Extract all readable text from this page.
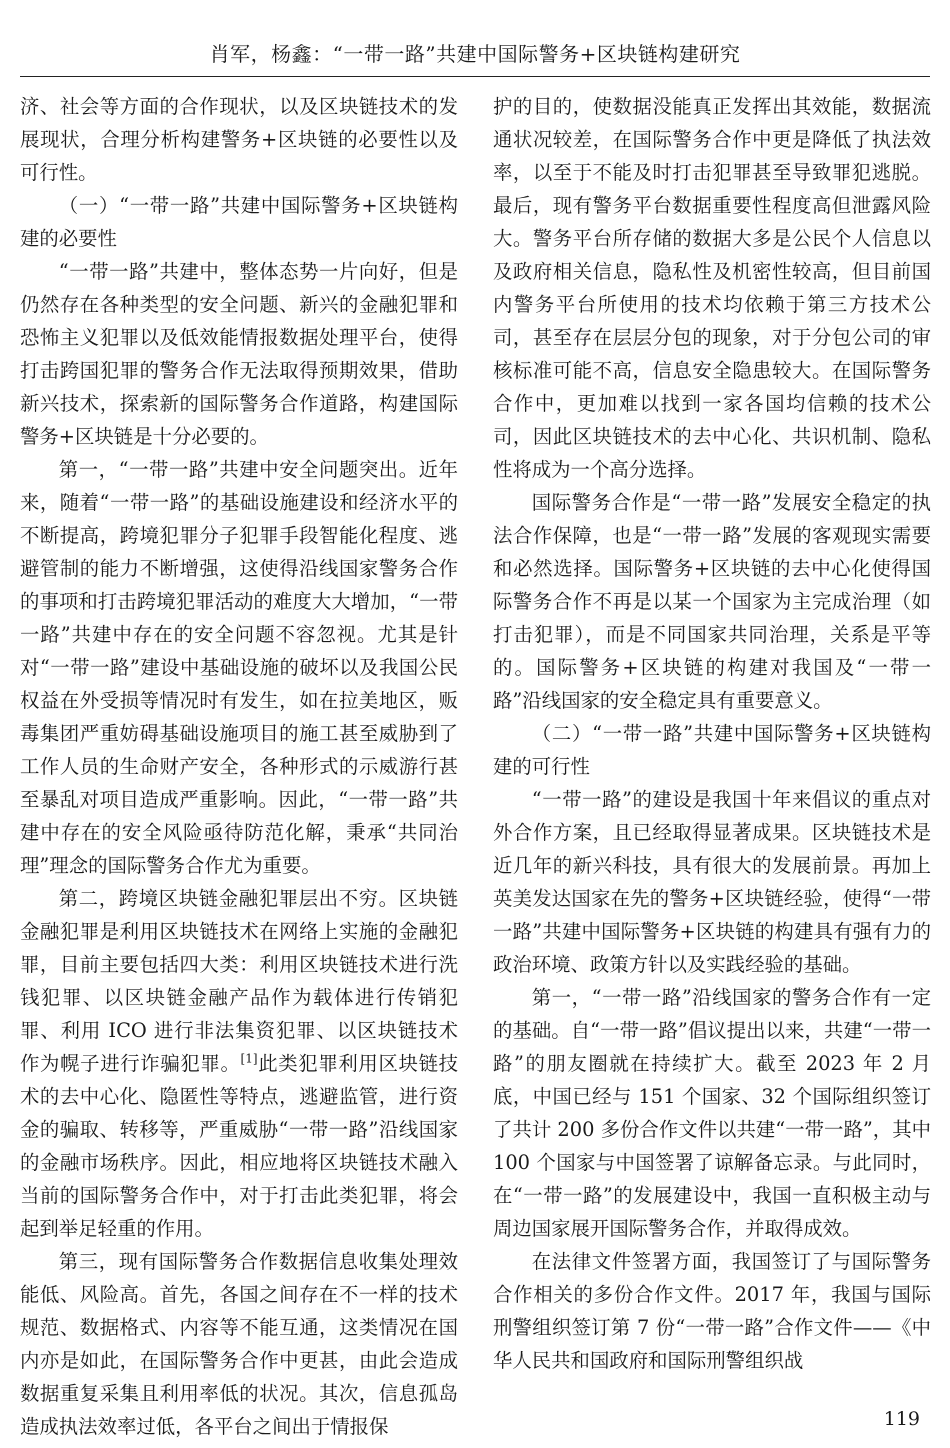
肖军，杨鑫：“一带一路”共建中国际警务+区块链构建研究

济、社会等方面的合作现状，以及区块链技术的发展现状，合理分析构建警务+区块链的必要性以及可行性。

（一）“一带一路”共建中国际警务+区块链构建的必要性

“一带一路”共建中，整体态势一片向好，但是仍然存在各种类型的安全问题、新兴的金融犯罪和恐怖主义犯罪以及低效能情报数据处理平台，使得打击跨国犯罪的警务合作无法取得预期效果，借助新兴技术，探索新的国际警务合作道路，构建国际警务+区块链是十分必要的。

第一，“一带一路”共建中安全问题突出。近年来，随着“一带一路”的基础设施建设和经济水平的不断提高，跨境犯罪分子犯罪手段智能化程度、逃避管制的能力不断增强，这使得沿线国家警务合作的事项和打击跨境犯罪活动的难度大大增加，“一带一路”共建中存在的安全问题不容忽视。尤其是针对“一带一路”建设中基础设施的破坏以及我国公民权益在外受损等情况时有发生，如在拉美地区，贩毒集团严重妨碍基础设施项目的施工甚至威胁到了工作人员的生命财产安全，各种形式的示威游行甚至暴乱对项目造成严重影响。因此，“一带一路”共建中存在的安全风险亟待防范化解，秉承“共同治理”理念的国际警务合作尤为重要。

第二，跨境区块链金融犯罪层出不穷。区块链金融犯罪是利用区块链技术在网络上实施的金融犯罪，目前主要包括四大类：利用区块链技术进行洗钱犯罪、以区块链金融产品作为载体进行传销犯罪、利用 ICO 进行非法集资犯罪、以区块链技术作为幌子进行诈骗犯罪。[1]此类犯罪利用区块链技术的去中心化、隐匿性等特点，逃避监管，进行资金的骗取、转移等，严重威胁“一带一路”沿线国家的金融市场秩序。因此，相应地将区块链技术融入当前的国际警务合作中，对于打击此类犯罪，将会起到举足轻重的作用。

第三，现有国际警务合作数据信息收集处理效能低、风险高。首先，各国之间存在不一样的技术规范、数据格式、内容等不能互通，这类情况在国内亦是如此，在国际警务合作中更甚，由此会造成数据重复采集且利用率低的状况。其次，信息孤岛造成执法效率过低，各平台之间出于情报保

护的目的，使数据没能真正发挥出其效能，数据流通状况较差，在国际警务合作中更是降低了执法效率，以至于不能及时打击犯罪甚至导致罪犯逃脱。最后，现有警务平台数据重要性程度高但泄露风险大。警务平台所存储的数据大多是公民个人信息以及政府相关信息，隐私性及机密性较高，但目前国内警务平台所使用的技术均依赖于第三方技术公司，甚至存在层层分包的现象，对于分包公司的审核标准可能不高，信息安全隐患较大。在国际警务合作中，更加难以找到一家各国均信赖的技术公司，因此区块链技术的去中心化、共识机制、隐私性将成为一个高分选择。

国际警务合作是“一带一路”发展安全稳定的执法合作保障，也是“一带一路”发展的客观现实需要和必然选择。国际警务+区块链的去中心化使得国际警务合作不再是以某一个国家为主完成治理（如打击犯罪），而是不同国家共同治理，关系是平等的。国际警务+区块链的构建对我国及“一带一路”沿线国家的安全稳定具有重要意义。

（二）“一带一路”共建中国际警务+区块链构建的可行性

“一带一路”的建设是我国十年来倡议的重点对外合作方案，且已经取得显著成果。区块链技术是近几年的新兴科技，具有很大的发展前景。再加上英美发达国家在先的警务+区块链经验，使得“一带一路”共建中国际警务+区块链的构建具有强有力的政治环境、政策方针以及实践经验的基础。

第一，“一带一路”沿线国家的警务合作有一定的基础。自“一带一路”倡议提出以来，共建“一带一路”的朋友圈就在持续扩大。截至 2023 年 2 月底，中国已经与 151 个国家、32 个国际组织签订了共计 200 多份合作文件以共建“一带一路”，其中 100 个国家与中国签署了谅解备忘录。与此同时，在“一带一路”的发展建设中，我国一直积极主动与周边国家展开国际警务合作，并取得成效。

在法律文件签署方面，我国签订了与国际警务合作相关的多份合作文件。2017 年，我国与国际刑警组织签订第 7 份“一带一路”合作文件——《中华人民共和国政府和国际刑警组织战

119
